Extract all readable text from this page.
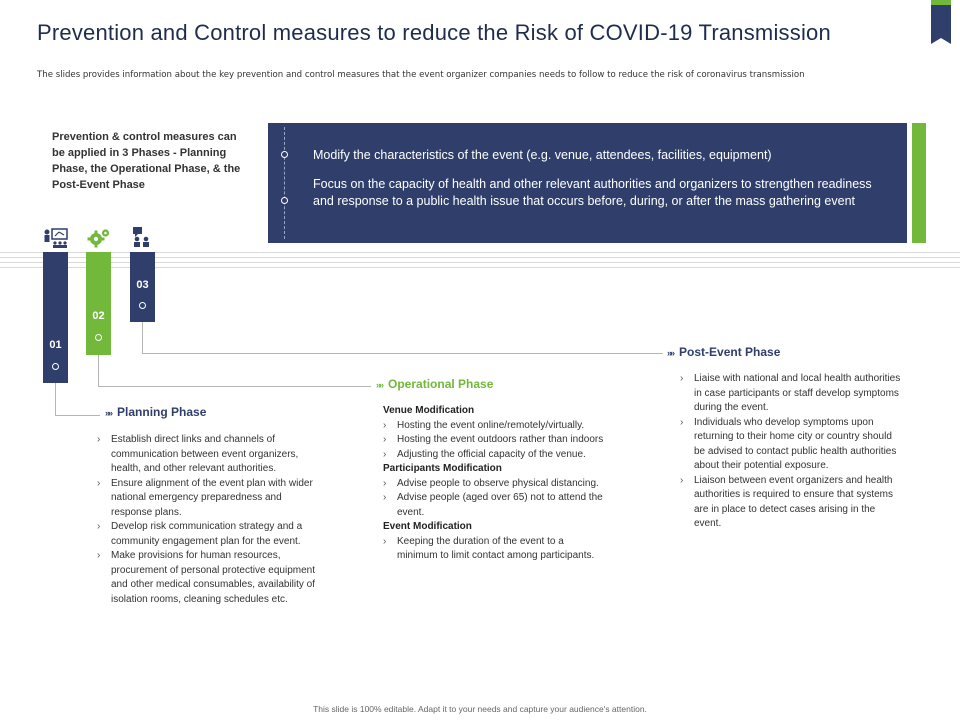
Prevention and Control measures to reduce the Risk of COVID-19 Transmission
The slides provides information about the key prevention and control measures that the event organizer companies needs to follow to reduce the risk of coronavirus transmission
Prevention & control measures can be applied in 3 Phases - Planning Phase, the Operational Phase, & the Post-Event Phase
Modify the characteristics of the event (e.g. venue, attendees, facilities, equipment)
Focus on the capacity of health and other relevant authorities and organizers to strengthen readiness and response to a public health issue that occurs before, during, or after the mass gathering event
01
02
03
»» Planning Phase
»» Operational Phase
»» Post-Event Phase
› Establish direct links and channels of communication between event organizers, health, and other relevant authorities.
› Ensure alignment of the event plan with wider national emergency preparedness and response plans.
› Develop risk communication strategy and a community engagement plan for the event.
› Make provisions for human resources, procurement of personal protective equipment and other medical consumables, availability of isolation rooms, cleaning schedules etc.
Venue Modification
› Hosting the event online/remotely/virtually.
› Hosting the event outdoors rather than indoors
› Adjusting the official capacity of the venue.
Participants Modification
› Advise people to observe physical distancing.
› Advise people (aged over 65) not to attend the event.
Event Modification
› Keeping the duration of the event to a minimum to limit contact among participants.
› Liaise with national and local health authorities in case participants or staff develop symptoms during the event.
› Individuals who develop symptoms upon returning to their home city or country should be advised to contact public health authorities about their potential exposure.
› Liaison between event organizers and health authorities is required to ensure that systems are in place to detect cases arising in the event.
This slide is 100% editable. Adapt it to your needs and capture your audience's attention.
